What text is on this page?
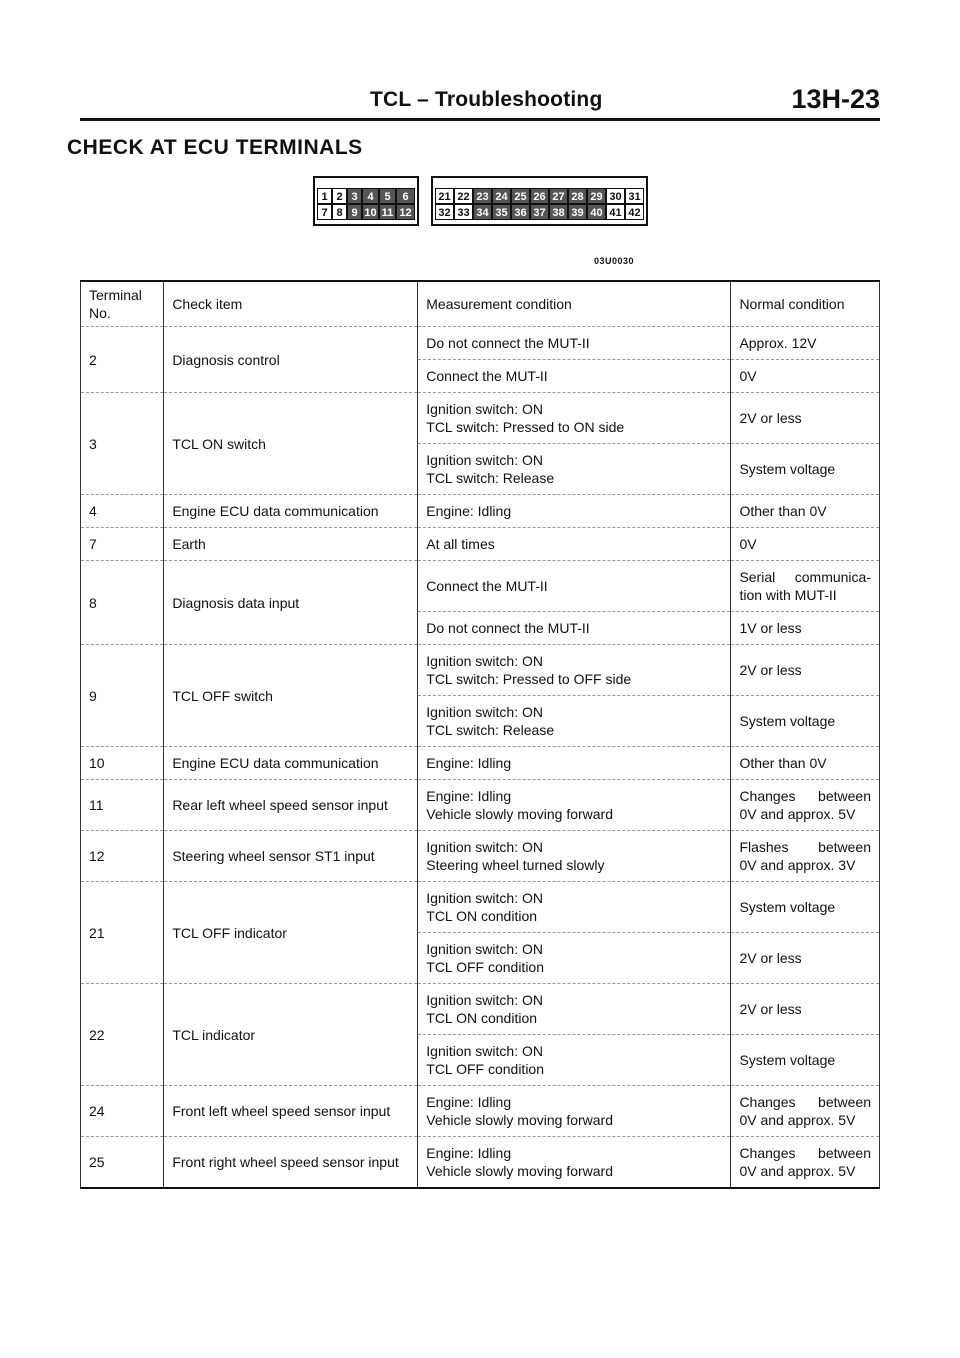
TCL – Troubleshooting	13H-23
CHECK AT ECU TERMINALS
1 2 3 4 5	6
7 8 9 10 11 12
21 22 23 24 25 26 27 28 29 30 31
32 33 34 35 36 37 38 39 40 41 42
03U0030
Terminal
No.	Check item	Measurement condition	Normal condition
2	Diagnosis control	Do not connect the MUT-II	Approx. 12V

		Connect the MUT-II	0V

3	TCL ON switch	Ignition switch: ON
TCL switch: Pressed to ON side	2V or less

		Ignition switch: ON
TCL switch: Release	System voltage

4	Engine ECU data communication	Engine: Idling	Other than 0V

7	Earth	At all times	0V

8	Diagnosis data input	Connect the MUT-II	Serial communica-
tion with MUT-II

		Do not connect the MUT-II	1V or less

9	TCL OFF switch	Ignition switch: ON
TCL switch: Pressed to OFF side	2V or less

		Ignition switch: ON
TCL switch: Release	System voltage

10	Engine ECU data communication	Engine: Idling	Other than 0V

11	Rear left wheel speed sensor input	Engine: Idling
Vehicle slowly moving forward	Changes between
0V and approx. 5V

12	Steering wheel sensor ST1 input	Ignition switch: ON
Steering wheel turned slowly	Flashes between
0V and approx. 3V

21	TCL OFF indicator	Ignition switch: ON
TCL ON condition	System voltage

		Ignition switch: ON
TCL OFF condition	2V or less

22	TCL indicator	Ignition switch: ON
TCL ON condition	2V or less

		Ignition switch: ON
TCL OFF condition	System voltage

24	Front left wheel speed sensor input	Engine: Idling
Vehicle slowly moving forward	Changes between
0V and approx. 5V

25	Front right wheel speed sensor input	Engine: Idling
Vehicle slowly moving forward	Changes between
0V and approx. 5V
